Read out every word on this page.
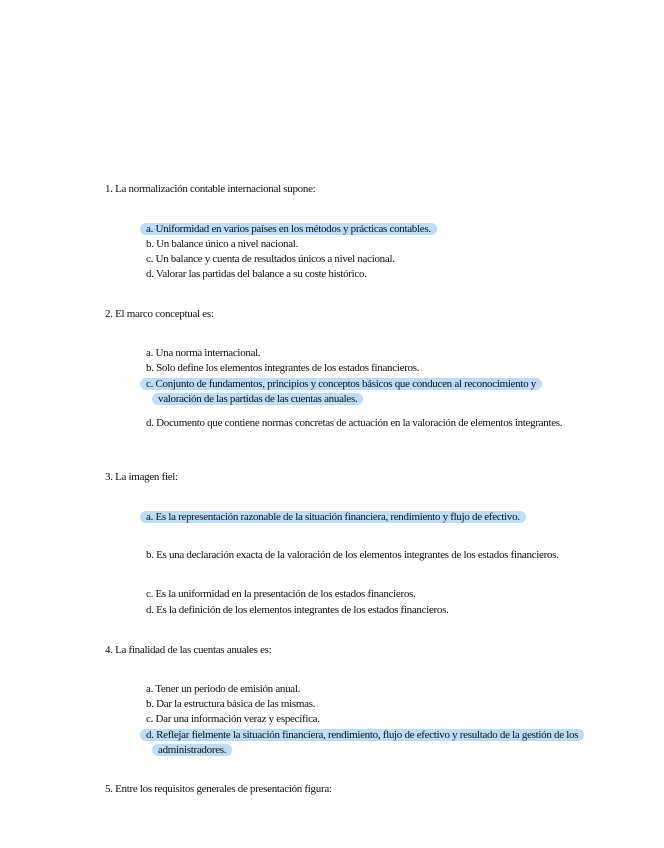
1. La normalización contable internacional supone:
a. Uniformidad en varios países en los métodos y prácticas contables.
b. Un balance único a nivel nacional.
c. Un balance y cuenta de resultados únicos a nivel nacional.
d. Valorar las partidas del balance a su coste histórico.
2. El marco conceptual es:
a. Una norma internacional.
b. Solo define los elementos integrantes de los estados financieros.
c. Conjunto de fundamentos, principios y conceptos básicos que conducen al reconocimiento y valoración de las partidas de las cuentas anuales.
d. Documento que contiene normas concretas de actuación en la valoración de elementos integrantes.
3. La imagen fiel:
a. Es la representación razonable de la situación financiera, rendimiento y flujo de efectivo.
b. Es una declaración exacta de la valoración de los elementos integrantes de los estados financieros.
c. Es la uniformidad en la presentación de los estados financieros.
d. Es la definición de los elementos integrantes de los estados financieros.
4. La finalidad de las cuentas anuales es:
a. Tener un periodo de emisión anual.
b. Dar la estructura básica de las mismas.
c. Dar una información veraz y específica.
d. Reflejar fielmente la situación financiera, rendimiento, flujo de efectivo y resultado de la gestión de los administradores.
5. Entre los requisitos generales de presentación figura:
